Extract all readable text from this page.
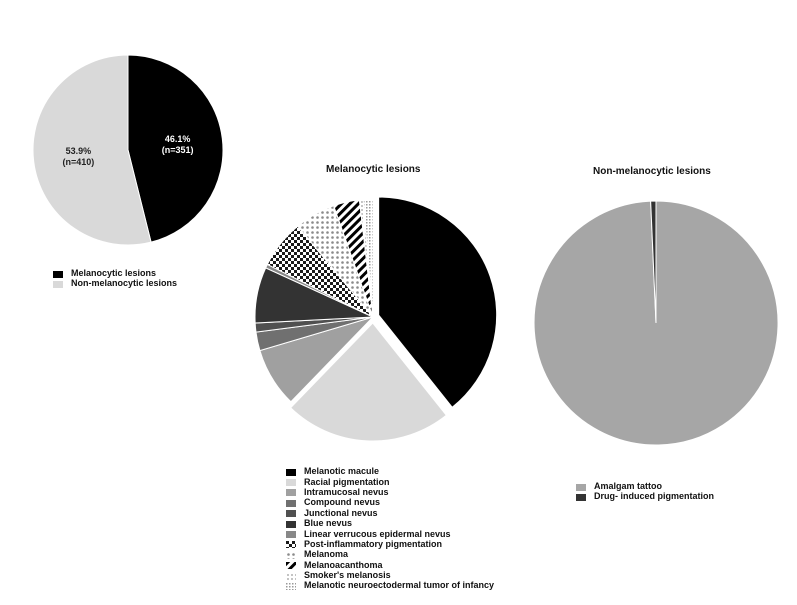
46.1%
(n=351)
53.9%
(n=410)
Melanocytic lesions	Non-melanocytic lesions
Melanocytic lesions
Non-melanocytic lesions
Melanotic macule
Racial pigmentation
Intramucosal nevus
Compound nevus
Junctional nevus
Blue nevus
Linear verrucous epidermal nevus
Post-inflammatory pigmentation
Melanoma
Melanoacanthoma
Smoker's melanosis
Melanotic neuroectodermal tumor of infancy
Amalgam tattoo
Drug- induced pigmentation
